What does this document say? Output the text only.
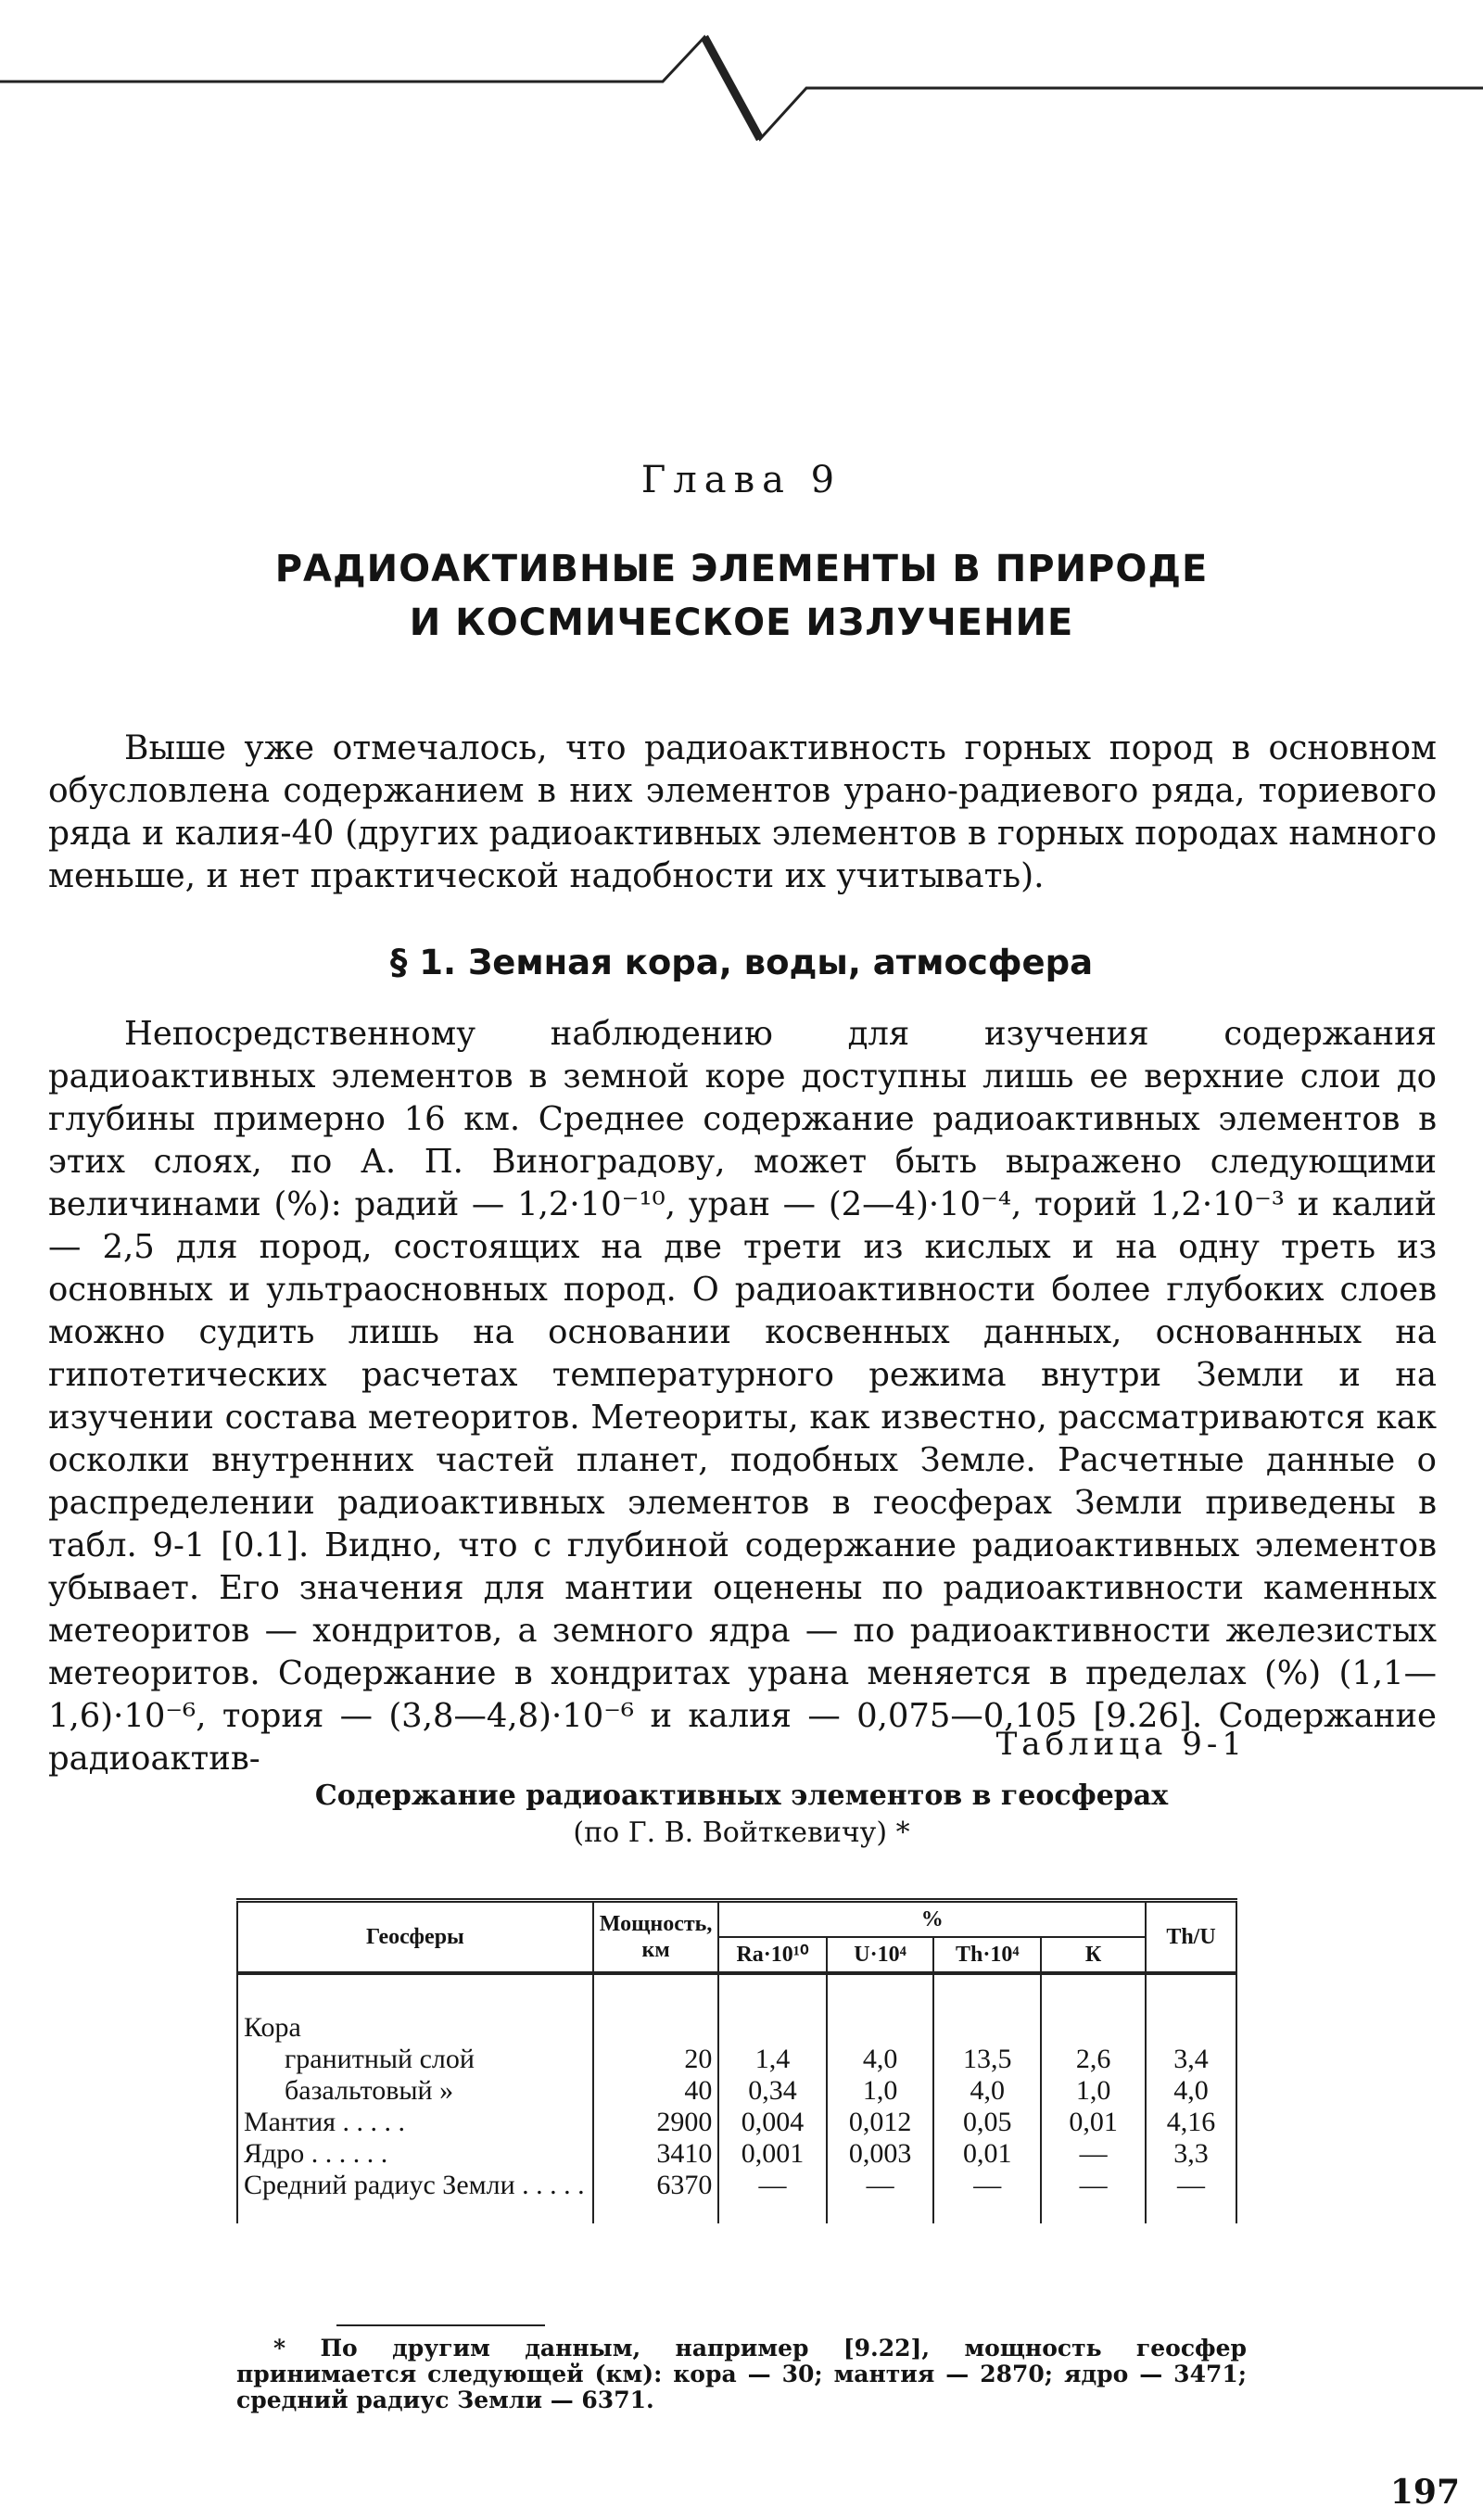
Глава 9
РАДИОАКТИВНЫЕ ЭЛЕМЕНТЫ В ПРИРОДЕ
И КОСМИЧЕСКОЕ ИЗЛУЧЕНИЕ

Выше уже отмечалось, что радиоактивность горных пород в основном обусловлена содержанием в них элементов урано-радиевого ряда, ториевого ряда и калия-40 (других радиоактивных элементов в горных породах намного меньше, и нет практической надобности их учитывать).

§ 1. Земная кора, воды, атмосфера

Непосредственному наблюдению для изучения содержания радиоактивных элементов в земной коре доступны лишь ее верхние слои до глубины примерно 16 км. Среднее содержание радиоактивных элементов в этих слоях, по А. П. Виноградову, может быть выражено следующими величинами (%): радий — 1,2·10⁻¹⁰, уран — (2—4)·10⁻⁴, торий 1,2·10⁻³ и калий — 2,5 для пород, состоящих на две трети из кислых и на одну треть из основных и ультраосновных пород. О радиоактивности более глубоких слоев можно судить лишь на основании косвенных данных, основанных на гипотетических расчетах температурного режима внутри Земли и на изучении состава метеоритов. Метеориты, как известно, рассматриваются как осколки внутренних частей планет, подобных Земле. Расчетные данные о распределении радиоактивных элементов в геосферах Земли приведены в табл. 9-1 [0.1]. Видно, что с глубиной содержание радиоактивных элементов убывает. Его значения для мантии оценены по радиоактивности каменных метеоритов — хондритов, а земного ядра — по радиоактивности железистых метеоритов. Содержание в хондритах урана меняется в пределах (%) (1,1—1,6)·10⁻⁶, тория — (3,8—4,8)·10⁻⁶ и калия — 0,075—0,105 [9.26]. Содержание радиоактив-	Таблица 9-1
Содержание радиоактивных элементов в геосферах
(по Г. В. Войткевичу) *
Геосферы	Мощность, км	%				Th/U
		Ra·10¹⁰	U·10⁴	Th·10⁴	К	

Кора						
гранитный слой	20	1,4	4,0	13,5	2,6	3,4
базальтовый »	40	0,34	1,0	4,0	1,0	4,0
Мантия . . . . .	2900	0,004	0,012	0,05	0,01	4,16
Ядро . . . . . .	3410	0,001	0,003	0,01	—	3,3
Средний радиус Земли . . . . .	6370	—	—	—	—	—

* По другим данным, например [9.22], мощность геосфер принимается следующей (км): кора — 30; мантия — 2870; ядро — 3471; средний радиус Земли — 6371.
197
